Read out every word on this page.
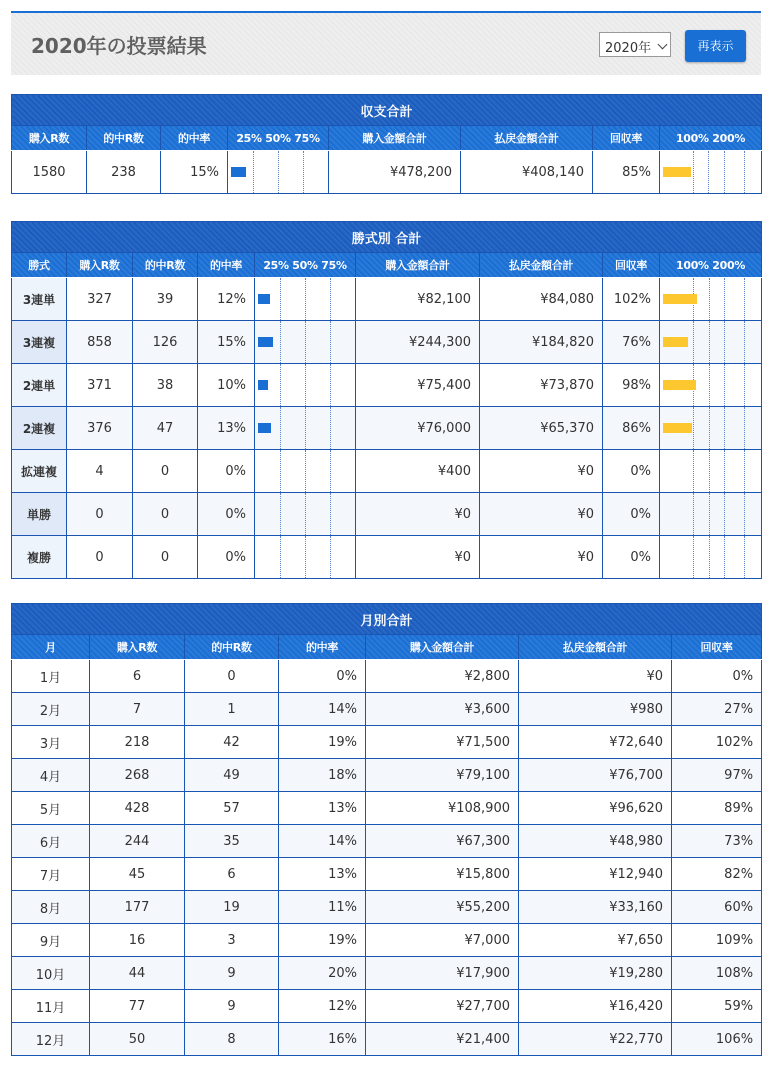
2020年の投票結果	2020年	再表示
収支合計							
購入R数	的中R数	的中率	25% 50% 75%	購入金額合計	払戻金額合計	回収率	100% 200%
1580	238	15%		¥478,200	¥408,140	85%	
勝式別 合計								
勝式	購入R数	的中R数	的中率	25% 50% 75%	購入金額合計	払戻金額合計	回収率	100% 200%
3連単	327	39	12%		¥82,100	¥84,080	102%	

3連複	858	126	15%		¥244,300	¥184,820	76%	

2連単	371	38	10%		¥75,400	¥73,870	98%	

2連複	376	47	13%		¥76,000	¥65,370	86%	

拡連複	4	0	0%		¥400	¥0	0%	

単勝	0	0	0%		¥0	¥0	0%	

複勝	0	0	0%		¥0	¥0	0%	
月別合計						
月	購入R数	的中R数	的中率	購入金額合計	払戻金額合計	回収率
1月	6	0	0%	¥2,800	¥0	0%
2月	7	1	14%	¥3,600	¥980	27%
3月	218	42	19%	¥71,500	¥72,640	102%
4月	268	49	18%	¥79,100	¥76,700	97%
5月	428	57	13%	¥108,900	¥96,620	89%
6月	244	35	14%	¥67,300	¥48,980	73%
7月	45	6	13%	¥15,800	¥12,940	82%
8月	177	19	11%	¥55,200	¥33,160	60%
9月	16	3	19%	¥7,000	¥7,650	109%
10月	44	9	20%	¥17,900	¥19,280	108%
11月	77	9	12%	¥27,700	¥16,420	59%
12月	50	8	16%	¥21,400	¥22,770	106%
